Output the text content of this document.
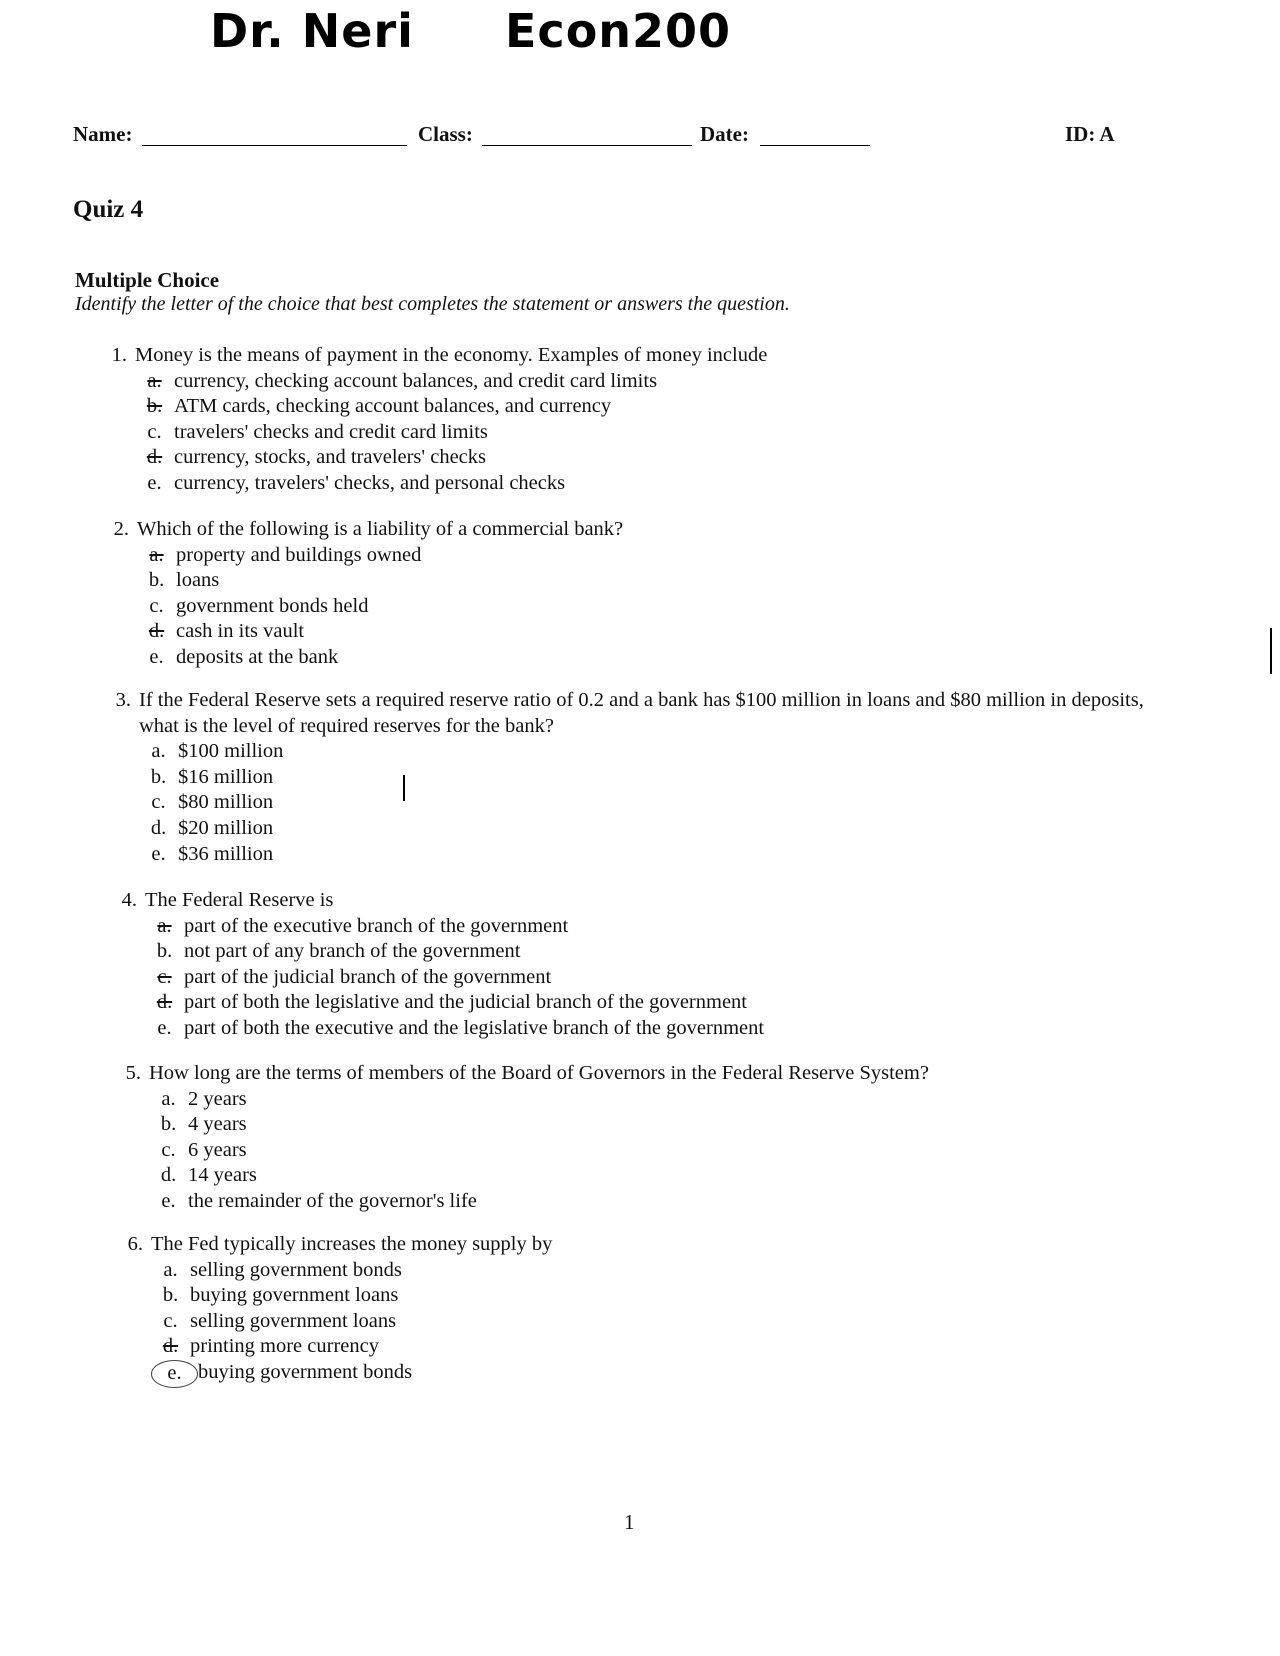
Dr. Neri Econ200
Name:	Class:	Date:	ID: A
Quiz 4
Multiple Choice
Identify the letter of the choice that best completes the statement or answers the question.
1. Money is the means of payment in the economy. Examples of money include
a. currency, checking account balances, and credit card limits
b. ATM cards, checking account balances, and currency
c. travelers' checks and credit card limits
d. currency, stocks, and travelers' checks
e. currency, travelers' checks, and personal checks
2. Which of the following is a liability of a commercial bank?
a. property and buildings owned
b. loans
c. government bonds held
d. cash in its vault
e. deposits at the bank
3. If the Federal Reserve sets a required reserve ratio of 0.2 and a bank has $100 million in loans and $80 million in deposits, what is the level of required reserves for the bank?
a. $100 million
b. $16 million
c. $80 million
d. $20 million
e. $36 million
4. The Federal Reserve is
a. part of the executive branch of the government
b. not part of any branch of the government
c. part of the judicial branch of the government
d. part of both the legislative and the judicial branch of the government
e. part of both the executive and the legislative branch of the government
5. How long are the terms of members of the Board of Governors in the Federal Reserve System?
a. 2 years
b. 4 years
c. 6 years
d. 14 years
e. the remainder of the governor's life
6. The Fed typically increases the money supply by
a. selling government bonds
b. buying government loans
c. selling government loans
d. printing more currency
e. buying government bonds
1
